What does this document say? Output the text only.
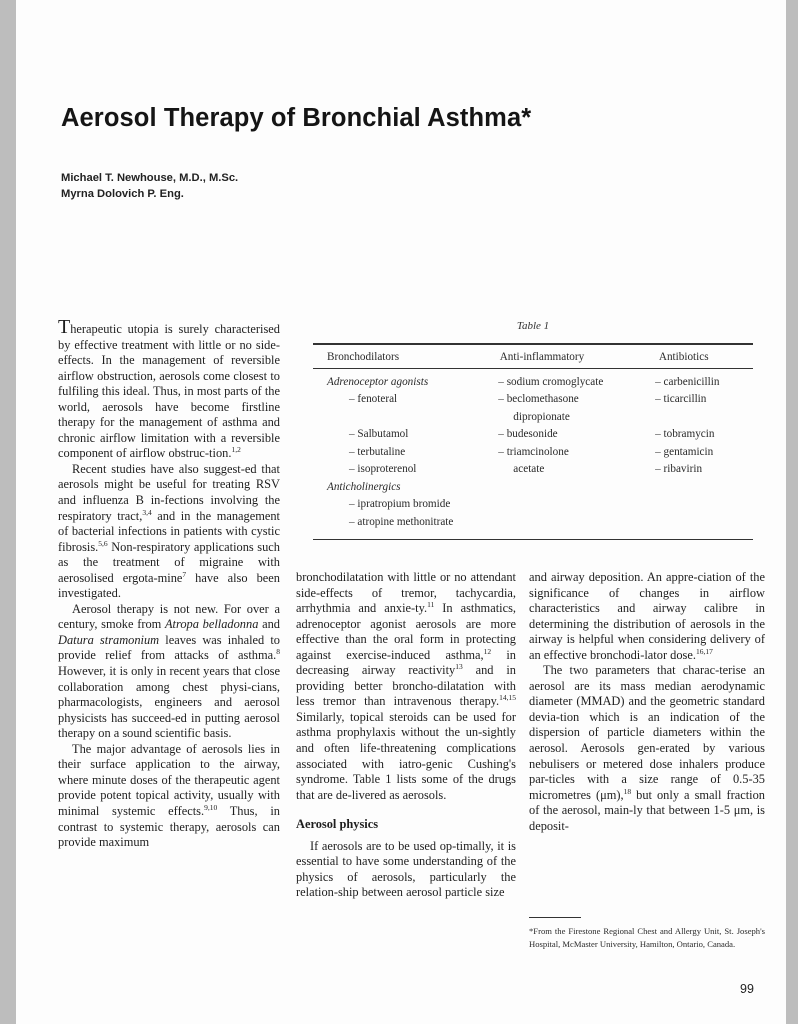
Aerosol Therapy of Bronchial Asthma*
Michael T. Newhouse, M.D., M.Sc.
Myrna Dolovich P. Eng.

Therapeutic utopia is surely characterised by effective treatment with little or no side-effects. In the management of reversible airflow obstruction, aerosols come closest to fulfiling this ideal. Thus, in most parts of the world, aerosols have become firstline therapy for the management of asthma and chronic airflow limitation with a reversible component of airflow obstruc-tion.$^{1,2}$

Recent studies have also suggest-ed that aerosols might be useful for treating RSV and influenza B in-fections involving the respiratory tract,$^{3,4}$ and in the management of bacterial infections in patients with cystic fibrosis.$^{5,6}$ Non-respiratory applications such as the treatment of migraine with aerosolised ergota-mine$^7$ have also been investigated.

Aerosol therapy is not new. For over a century, smoke from Atropa belladonna and Datura stramonium leaves was inhaled to provide relief from attacks of asthma.$^8$ However, it is only in recent years that close collaboration among chest physi-cians, pharmacologists, engineers and aerosol physicists has succeed-ed in putting aerosol therapy on a sound scientific basis.

The major advantage of aerosols lies in their surface application to the airway, where minute doses of the therapeutic agent provide potent topical activity, usually with minimal systemic effects.$^{9,10}$ Thus, in contrast to systemic therapy, aerosols can provide maximum

Table 1
Bronchodilators	Anti-inflammatory	Antibiotics
Adrenoceptor agonists
– fenoteral

– Salbutamol
– terbutaline
– isoproterenol
Anticholinergics
– ipratropium bromide
– atropine methonitrate
– sodium cromoglycate
– beclomethasone
dipropionate
– budesonide
– triamcinolone
acetate
– carbenicillin
– ticarcillin

– tobramycin
– gentamicin
– ribavirin

bronchodilatation with little or no attendant side-effects of tremor, tachycardia, arrhythmia and anxie-ty.$^{11}$ In asthmatics, adrenoceptor agonist aerosols are more effective than the oral form in protecting against exercise-induced asthma,$^{12}$ in decreasing airway reactivity$^{13}$ and in providing better broncho-dilatation with less tremor than intravenous therapy.$^{14,15}$ Similarly, topical steroids can be used for asthma prophylaxis without the un-sightly and often life-threatening complications associated with iatro-genic Cushing's syndrome. Table 1 lists some of the drugs that are de-livered as aerosols.

Aerosol physics

If aerosols are to be used op-timally, it is essential to have some understanding of the physics of aerosols, particularly the relation-ship between aerosol particle size

and airway deposition. An appre-ciation of the significance of changes in airflow characteristics and airway calibre in determining the distribution of aerosols in the airway is helpful when considering delivery of an effective bronchodi-lator dose.$^{16,17}$

The two parameters that charac-terise an aerosol are its mass median aerodynamic diameter (MMAD) and the geometric standard devia-tion which is an indication of the dispersion of particle diameters within the aerosol. Aerosols gen-erated by various nebulisers or metered dose inhalers produce par-ticles with a size range of 0.5-35 micrometres (μm),$^{18}$ but only a small fraction of the aerosol, main-ly that between 1-5 μm, is deposit-

*From the Firestone Regional Chest and Allergy Unit, St. Joseph's Hospital, McMaster University, Hamilton, Ontario, Canada.
99
